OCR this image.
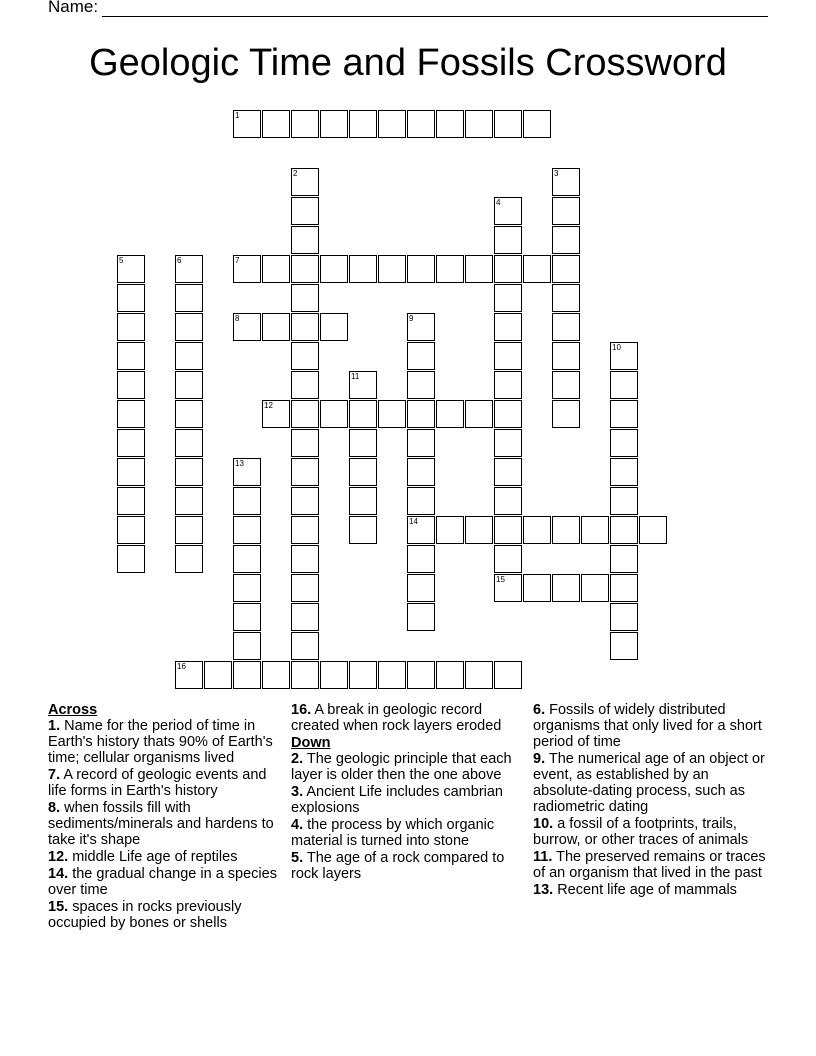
Name:
Geologic Time and Fossils Crossword
1
2	3
4
15
5	6	7
8	9
14
10
11
12
13
16
Across
1. Name for the period of time in Earth's history thats 90% of Earth's time; cellular organisms lived
7. A record of geologic events and life forms in Earth's history
8. when fossils fill with sediments/minerals and hardens to take it's shape
12. middle Life age of reptiles
14. the gradual change in a species over time
15. spaces in rocks previously occupied by bones or shells
16. A break in geologic record created when rock layers eroded
Down
2. The geologic principle that each layer is older then the one above
3. Ancient Life includes cambrian explosions
4. the process by which organic material is turned into stone
5. The age of a rock compared to rock layers
6. Fossils of widely distributed organisms that only lived for a short period of time
9. The numerical age of an object or event, as established by an absolute-dating process, such as radiometric dating
10. a fossil of a footprints, trails, burrow, or other traces of animals
11. The preserved remains or traces of an organism that lived in the past
13. Recent life age of mammals
